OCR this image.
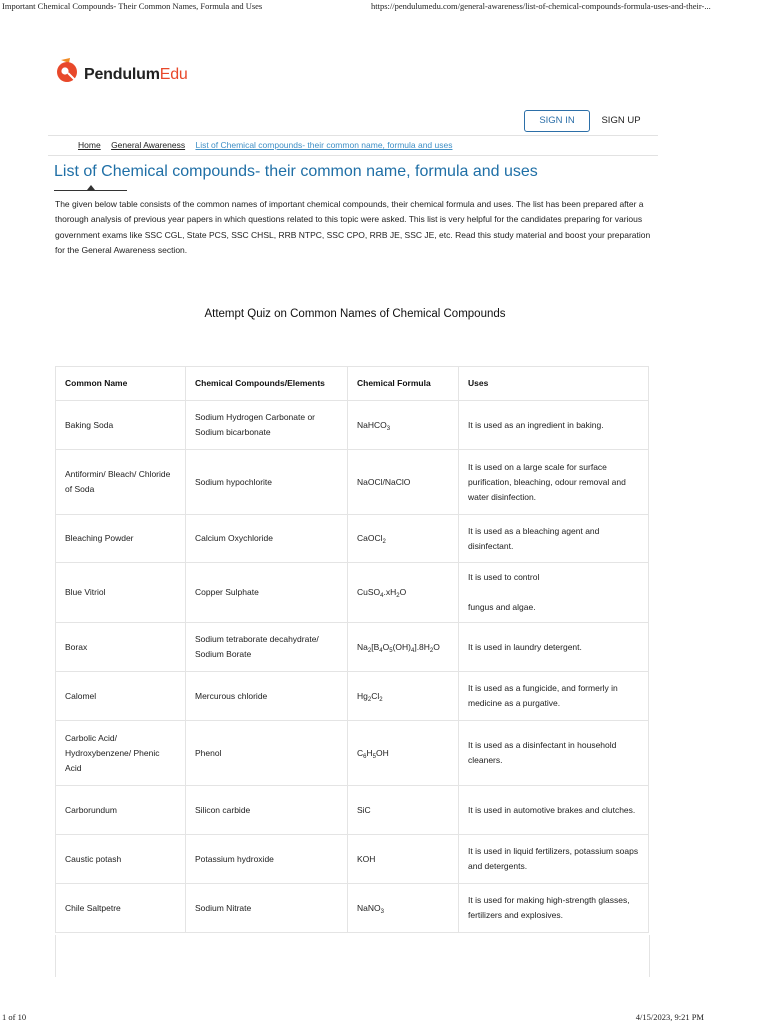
Important Chemical Compounds- Their Common Names, Formula and Uses	https://pendulumedu.com/general-awareness/list-of-chemical-compounds-formula-uses-and-their-...
PendulumEdu
SIGN IN	SIGN UP
Home General Awareness List of Chemical compounds- their common name, formula and uses
List of Chemical compounds- their common name, formula and uses

The given below table consists of the common names of important chemical compounds, their chemical formula and uses. The list has been prepared after a thorough analysis of previous year papers in which questions related to this topic were asked. This list is very helpful for the candidates preparing for various government exams like SSC CGL, State PCS, SSC CHSL, RRB NTPC, SSC CPO, RRB JE, SSC JE, etc. Read this study material and boost your preparation for the General Awareness section.

Attempt Quiz on Common Names of Chemical Compounds
Common Name	Chemical Compounds/Elements	Chemical Formula	Uses
Baking Soda	Sodium Hydrogen Carbonate or Sodium bicarbonate	NaHCO$_3$	It is used as an ingredient in baking.
Antiformin/ Bleach/ Chloride of Soda	Sodium hypochlorite	NaOCl/NaClO	It is used on a large scale for surface purification, bleaching, odour removal and water disinfection.
Bleaching Powder	Calcium Oxychloride	CaOCl$_2$	It is used as a bleaching agent and disinfectant.
Blue Vitriol	Copper Sulphate	$CuSO_4.xH_2O$	It is used to control

fungus and algae.
Borax	Sodium tetraborate decahydrate/ Sodium Borate	$Na_2[B_4O_5(OH)_4].8H_2O$	It is used in laundry detergent.
Calomel	Mercurous chloride	$Hg_2Cl_2$	It is used as a fungicide, and formerly in medicine as a purgative.
Carbolic Acid/ Hydroxybenzene/ Phenic Acid	Phenol	$C_6H_5OH$	It is used as a disinfectant in household cleaners.
Carborundum	Silicon carbide	SiC	It is used in automotive brakes and clutches.
Caustic potash	Potassium hydroxide	KOH	It is used in liquid fertilizers, potassium soaps and detergents.
Chile Saltpetre	Sodium Nitrate	NaNO$_3$	It is used for making high-strength glasses, fertilizers and explosives.
1 of 10	4/15/2023, 9:21 PM
